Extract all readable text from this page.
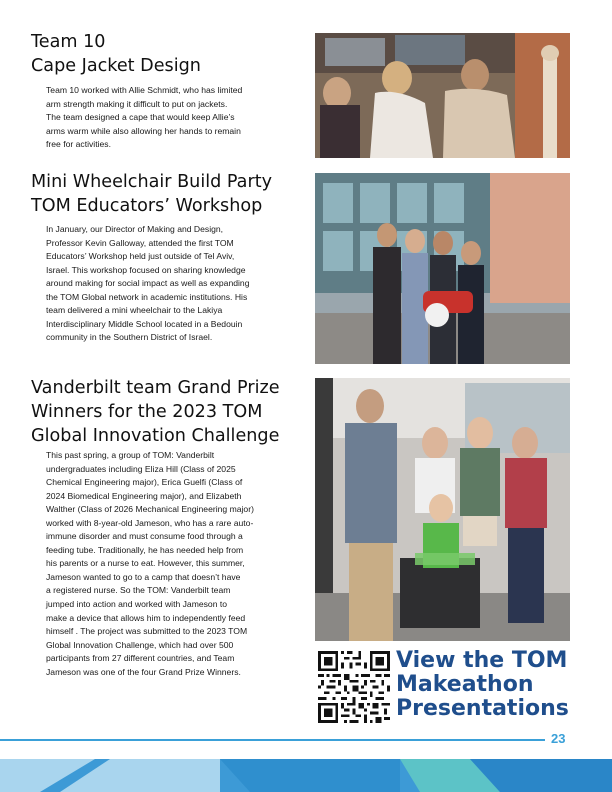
Team 10
Cape Jacket Design
Team 10 worked with Allie Schmidt, who has limited
arm strength making it difficult to put on jackets.
The team designed a cape that would keep Allie’s
arms warm while also allowing her hands to remain
free for activities.
Mini Wheelchair Build Party
TOM Educators’ Workshop
In January, our Director of Making and Design,
Professor Kevin Galloway, attended the first TOM
Educators’ Workshop held just outside of Tel Aviv,
Israel. This workshop focused on sharing knowledge
around making for social impact as well as expanding
the TOM Global network in academic institutions. His
team delivered a mini wheelchair to the Lakiya
Interdisciplinary Middle School located in a Bedouin
community in the Southern District of Israel.
Vanderbilt team Grand Prize
Winners for the 2023 TOM
Global Innovation Challenge
This past spring, a group of TOM: Vanderbilt
undergraduates including Eliza Hill (Class of 2025
Chemical Engineering major), Erica Guelfi (Class of
2024 Biomedical Engineering major), and Elizabeth
Walther (Class of 2026 Mechanical Engineering major)
worked with 8-year-old Jameson, who has a rare auto-
immune disorder and must consume food through a
feeding tube. Traditionally, he has needed help from
his parents or a nurse to eat. However, this summer,
Jameson wanted to go to a camp that doesn’t have
a registered nurse. So the TOM: Vanderbilt team
jumped into action and worked with Jameson to
make a device that allows him to independently feed
himself . The project was submitted to the 2023 TOM
Global Innovation Challenge, which had over 500
participants from 27 different countries, and Team
Jameson was one of the four Grand Prize Winners.	View the TOM
Makeathon
Presentations
23
